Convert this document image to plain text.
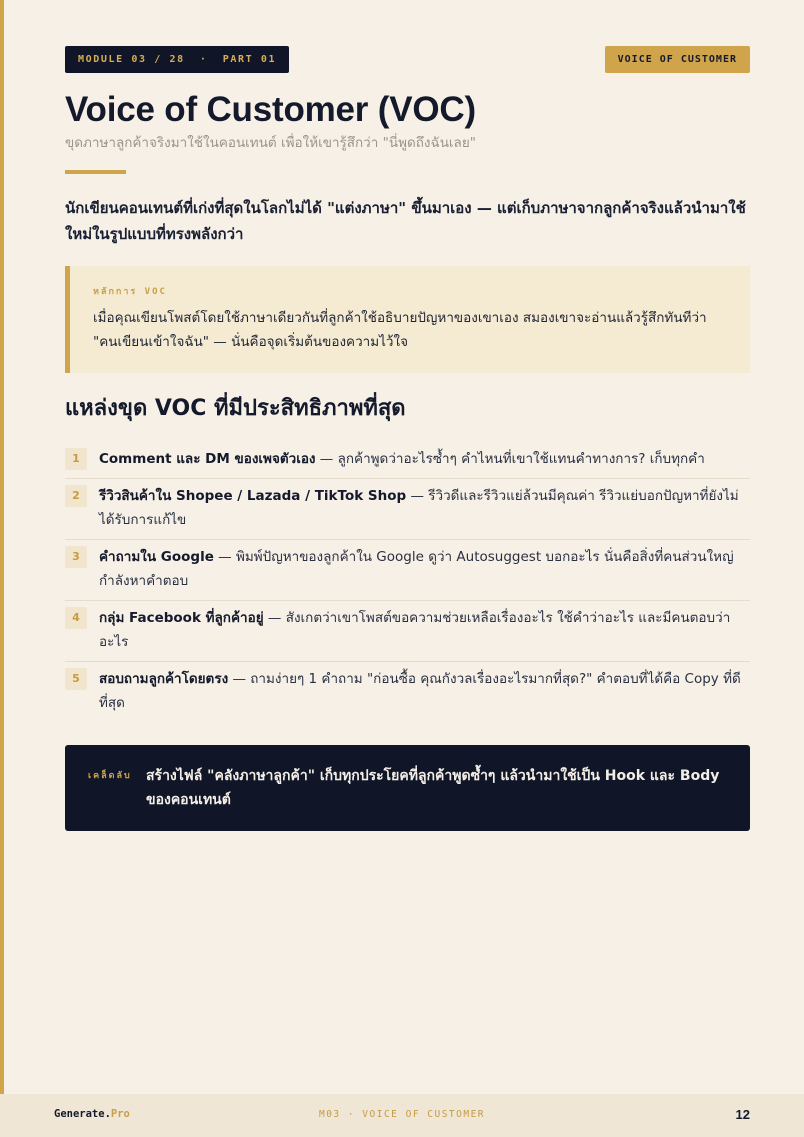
MODULE 03 / 28  ·  PART 01	VOICE OF CUSTOMER
Voice of Customer (VOC)
ขุดภาษาลูกค้าจริงมาใช้ในคอนเทนต์ เพื่อให้เขารู้สึกว่า "นี่พูดถึงฉันเลย"
นักเขียนคอนเทนต์ที่เก่งที่สุดในโลกไม่ได้ "แต่งภาษา" ขึ้นมาเอง — แต่เก็บภาษาจากลูกค้าจริงแล้วนำมาใช้ใหม่ในรูปแบบที่ทรงพลังกว่า
หลักการ VOC
เมื่อคุณเขียนโพสต์โดยใช้ภาษาเดียวกันที่ลูกค้าใช้อธิบายปัญหาของเขาเอง สมองเขาจะอ่านแล้วรู้สึกทันทีว่า "คนเขียนเข้าใจฉัน" — นั่นคือจุดเริ่มต้นของความไว้ใจ
แหล่งขุด VOC ที่มีประสิทธิภาพที่สุด
1	Comment และ DM ของเพจตัวเอง — ลูกค้าพูดว่าอะไรซ้ำๆ คำไหนที่เขาใช้แทนคำทางการ? เก็บทุกคำ
2	รีวิวสินค้าใน Shopee / Lazada / TikTok Shop — รีวิวดีและรีวิวแย่ล้วนมีคุณค่า รีวิวแย่บอกปัญหาที่ยังไม่ได้รับการแก้ไข
3	คำถามใน Google — พิมพ์ปัญหาของลูกค้าใน Google ดูว่า Autosuggest บอกอะไร นั่นคือสิ่งที่คนส่วนใหญ่กำลังหาคำตอบ
4	กลุ่ม Facebook ที่ลูกค้าอยู่ — สังเกตว่าเขาโพสต์ขอความช่วยเหลือเรื่องอะไร ใช้คำว่าอะไร และมีคนตอบว่าอะไร
5	สอบถามลูกค้าโดยตรง — ถามง่ายๆ 1 คำถาม "ก่อนซื้อ คุณกังวลเรื่องอะไรมากที่สุด?" คำตอบที่ได้คือ Copy ที่ดีที่สุด
เคล็ดลับ	สร้างไฟล์ "คลังภาษาลูกค้า" เก็บทุกประโยคที่ลูกค้าพูดซ้ำๆ แล้วนำมาใช้เป็น Hook และ Body ของคอนเทนต์
Generate.Pro	M03 · VOICE OF CUSTOMER	12
